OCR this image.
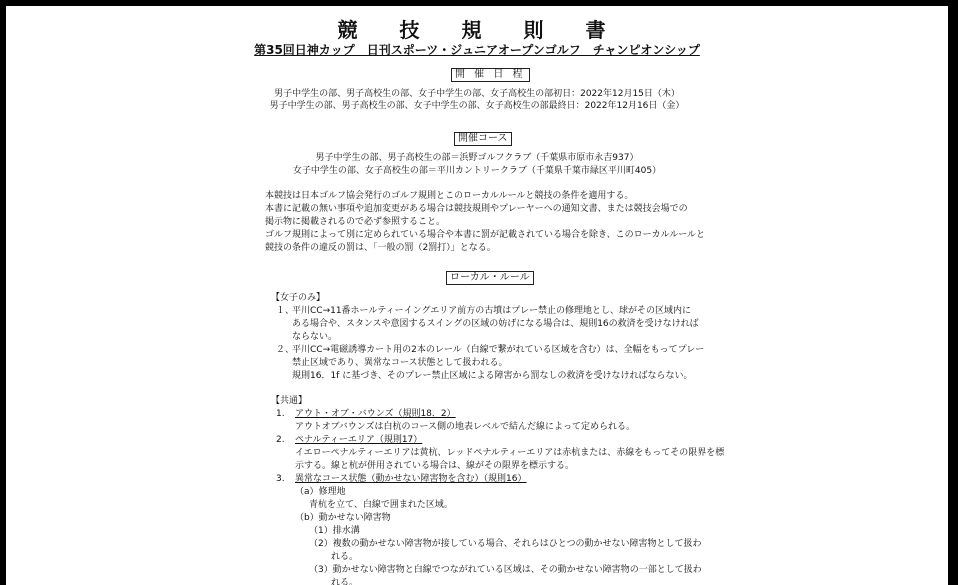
競　技　規　則　書
第35回日神カップ　日刊スポーツ・ジュニアオープンゴルフ　チャンピオンシップ
開 催 日 程
男子中学生の部、男子高校生の部、女子中学生の部、女子高校生の部初日：2022年12月15日（木）
男子中学生の部、男子高校生の部、女子中学生の部、女子高校生の部最終日：2022年12月16日（金）
開催コース
男子中学生の部、男子高校生の部＝浜野ゴルフクラブ（千葉県市原市永吉937）
女子中学生の部、女子高校生の部＝平川カントリークラブ（千葉県千葉市緑区平川町405）
本競技は日本ゴルフ協会発行のゴルフ規則とこのローカルルールと競技の条件を適用する。
本書に記載の無い事項や追加変更がある場合は競技規則やプレーヤーへの通知文書、または競技会場での
掲示物に掲載されるので必ず参照すること。
ゴルフ規則によって別に定められている場合や本書に罰が記載されている場合を除き、このローカルルールと
競技の条件の違反の罰は、「一般の罰（2罰打）」となる。
ローカル・ルール
【女子のみ】
１、
平川CC→11番ホールティーイングエリア前方の古墳はプレー禁止の修理地とし、球がその区域内に
ある場合や、スタンスや意図するスイングの区域の妨げになる場合は、規則16の救済を受けなければ
ならない。
２、
平川CC→電磁誘導カート用の2本のレール（白線で繋がれている区域を含む）は、全幅をもってプレー
禁止区域であり、異常なコース状態として扱われる。
規則16．1f に基づき、そのプレー禁止区域による障害から罰なしの救済を受けなければならない。
【共通】
1. アウト・オブ・バウンズ（規則18．2）
アウトオブバウンズは白杭のコース側の地表レベルで結んだ線によって定められる。
2. ペナルティーエリア（規則17）
イエローペナルティーエリアは黄杭、レッドペナルティーエリアは赤杭または、赤線をもってその限界を標
示する。線と杭が併用されている場合は、線がその限界を標示する。
3. 異常なコース状態（動かせない障害物を含む）（規則16）
（a）修理地
青杭を立て、白線で囲まれた区域。
（b）動かせない障害物
（1）排水溝
（2）複数の動かせない障害物が接している場合、それらはひとつの動かせない障害物として扱わ
れる。
（3）動かせない障害物と白線でつながれている区域は、その動かせない障害物の一部として扱わ
れる。
